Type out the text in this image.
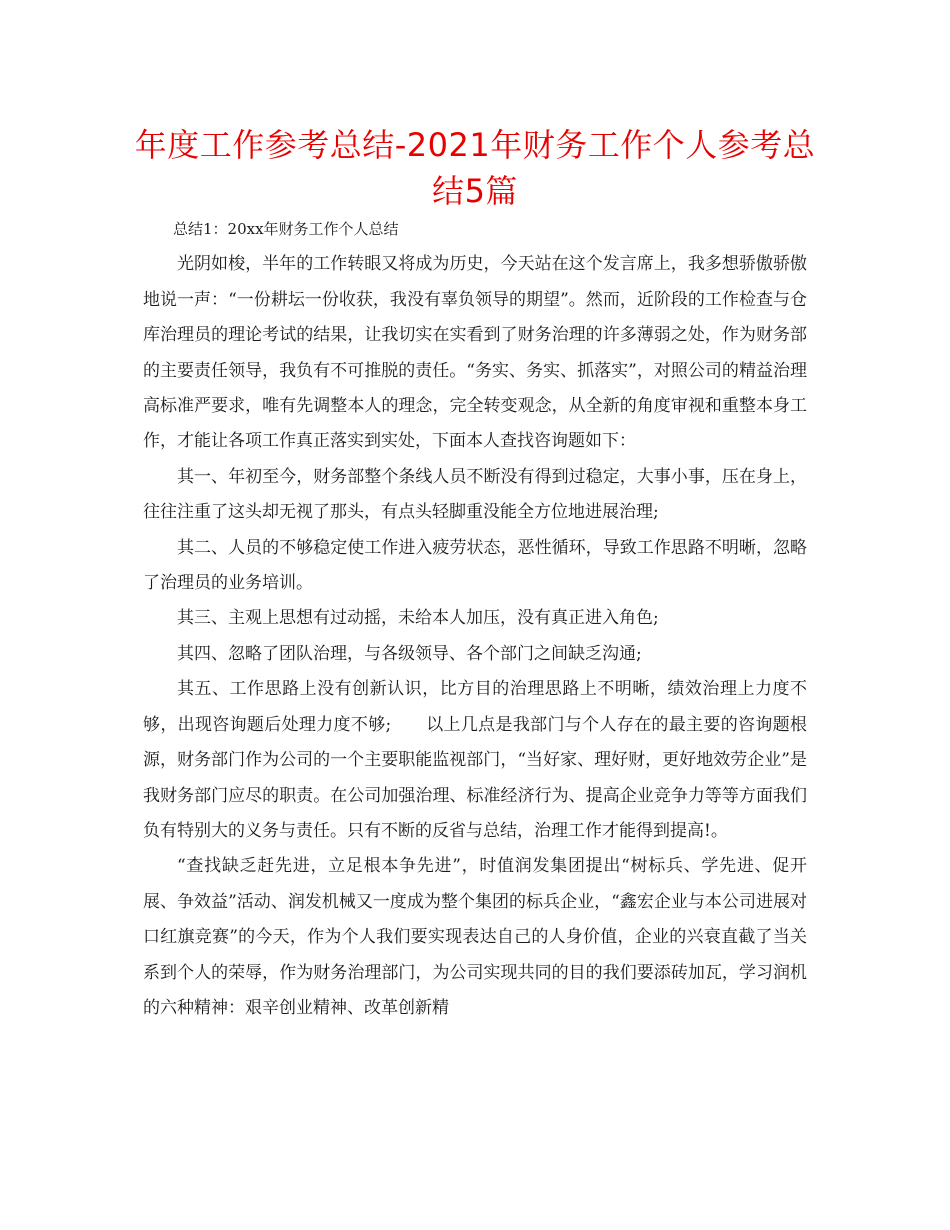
年度工作参考总结-2021年财务工作个人参考总结5篇

总结1：20xx年财务工作个人总结

光阴如梭，半年的工作转眼又将成为历史，今天站在这个发言席上，我多想骄傲骄傲地说一声：“一份耕坛一份收获，我没有辜负领导的期望”。然而，近阶段的工作检查与仓库治理员的理论考试的结果，让我切实在实看到了财务治理的许多薄弱之处，作为财务部的主要责任领导，我负有不可推脱的责任。“务实、务实、抓落实”，对照公司的精益治理高标准严要求，唯有先调整本人的理念，完全转变观念，从全新的角度审视和重整本身工作，才能让各项工作真正落实到实处，下面本人查找咨询题如下：

其一、年初至今，财务部整个条线人员不断没有得到过稳定，大事小事，压在身上，往往注重了这头却无视了那头，有点头轻脚重没能全方位地进展治理;

其二、人员的不够稳定使工作进入疲劳状态，恶性循环，导致工作思路不明晰，忽略了治理员的业务培训。

其三、主观上思想有过动摇，未给本人加压，没有真正进入角色;

其四、忽略了团队治理，与各级领导、各个部门之间缺乏沟通;

其五、工作思路上没有创新认识，比方目的治理思路上不明晰，绩效治理上力度不够，出现咨询题后处理力度不够;　　以上几点是我部门与个人存在的最主要的咨询题根源，财务部门作为公司的一个主要职能监视部门，“当好家、理好财，更好地效劳企业”是我财务部门应尽的职责。在公司加强治理、标准经济行为、提高企业竞争力等等方面我们负有特别大的义务与责任。只有不断的反省与总结，治理工作才能得到提高!。

“查找缺乏赶先进，立足根本争先进”，时值润发集团提出“树标兵、学先进、促开展、争效益”活动、润发机械又一度成为整个集团的标兵企业，“鑫宏企业与本公司进展对口红旗竞赛”的今天，作为个人我们要实现表达自己的人身价值，企业的兴衰直截了当关系到个人的荣辱，作为财务治理部门，为公司实现共同的目的我们要添砖加瓦，学习润机的六种精神：艰辛创业精神、改革创新精
